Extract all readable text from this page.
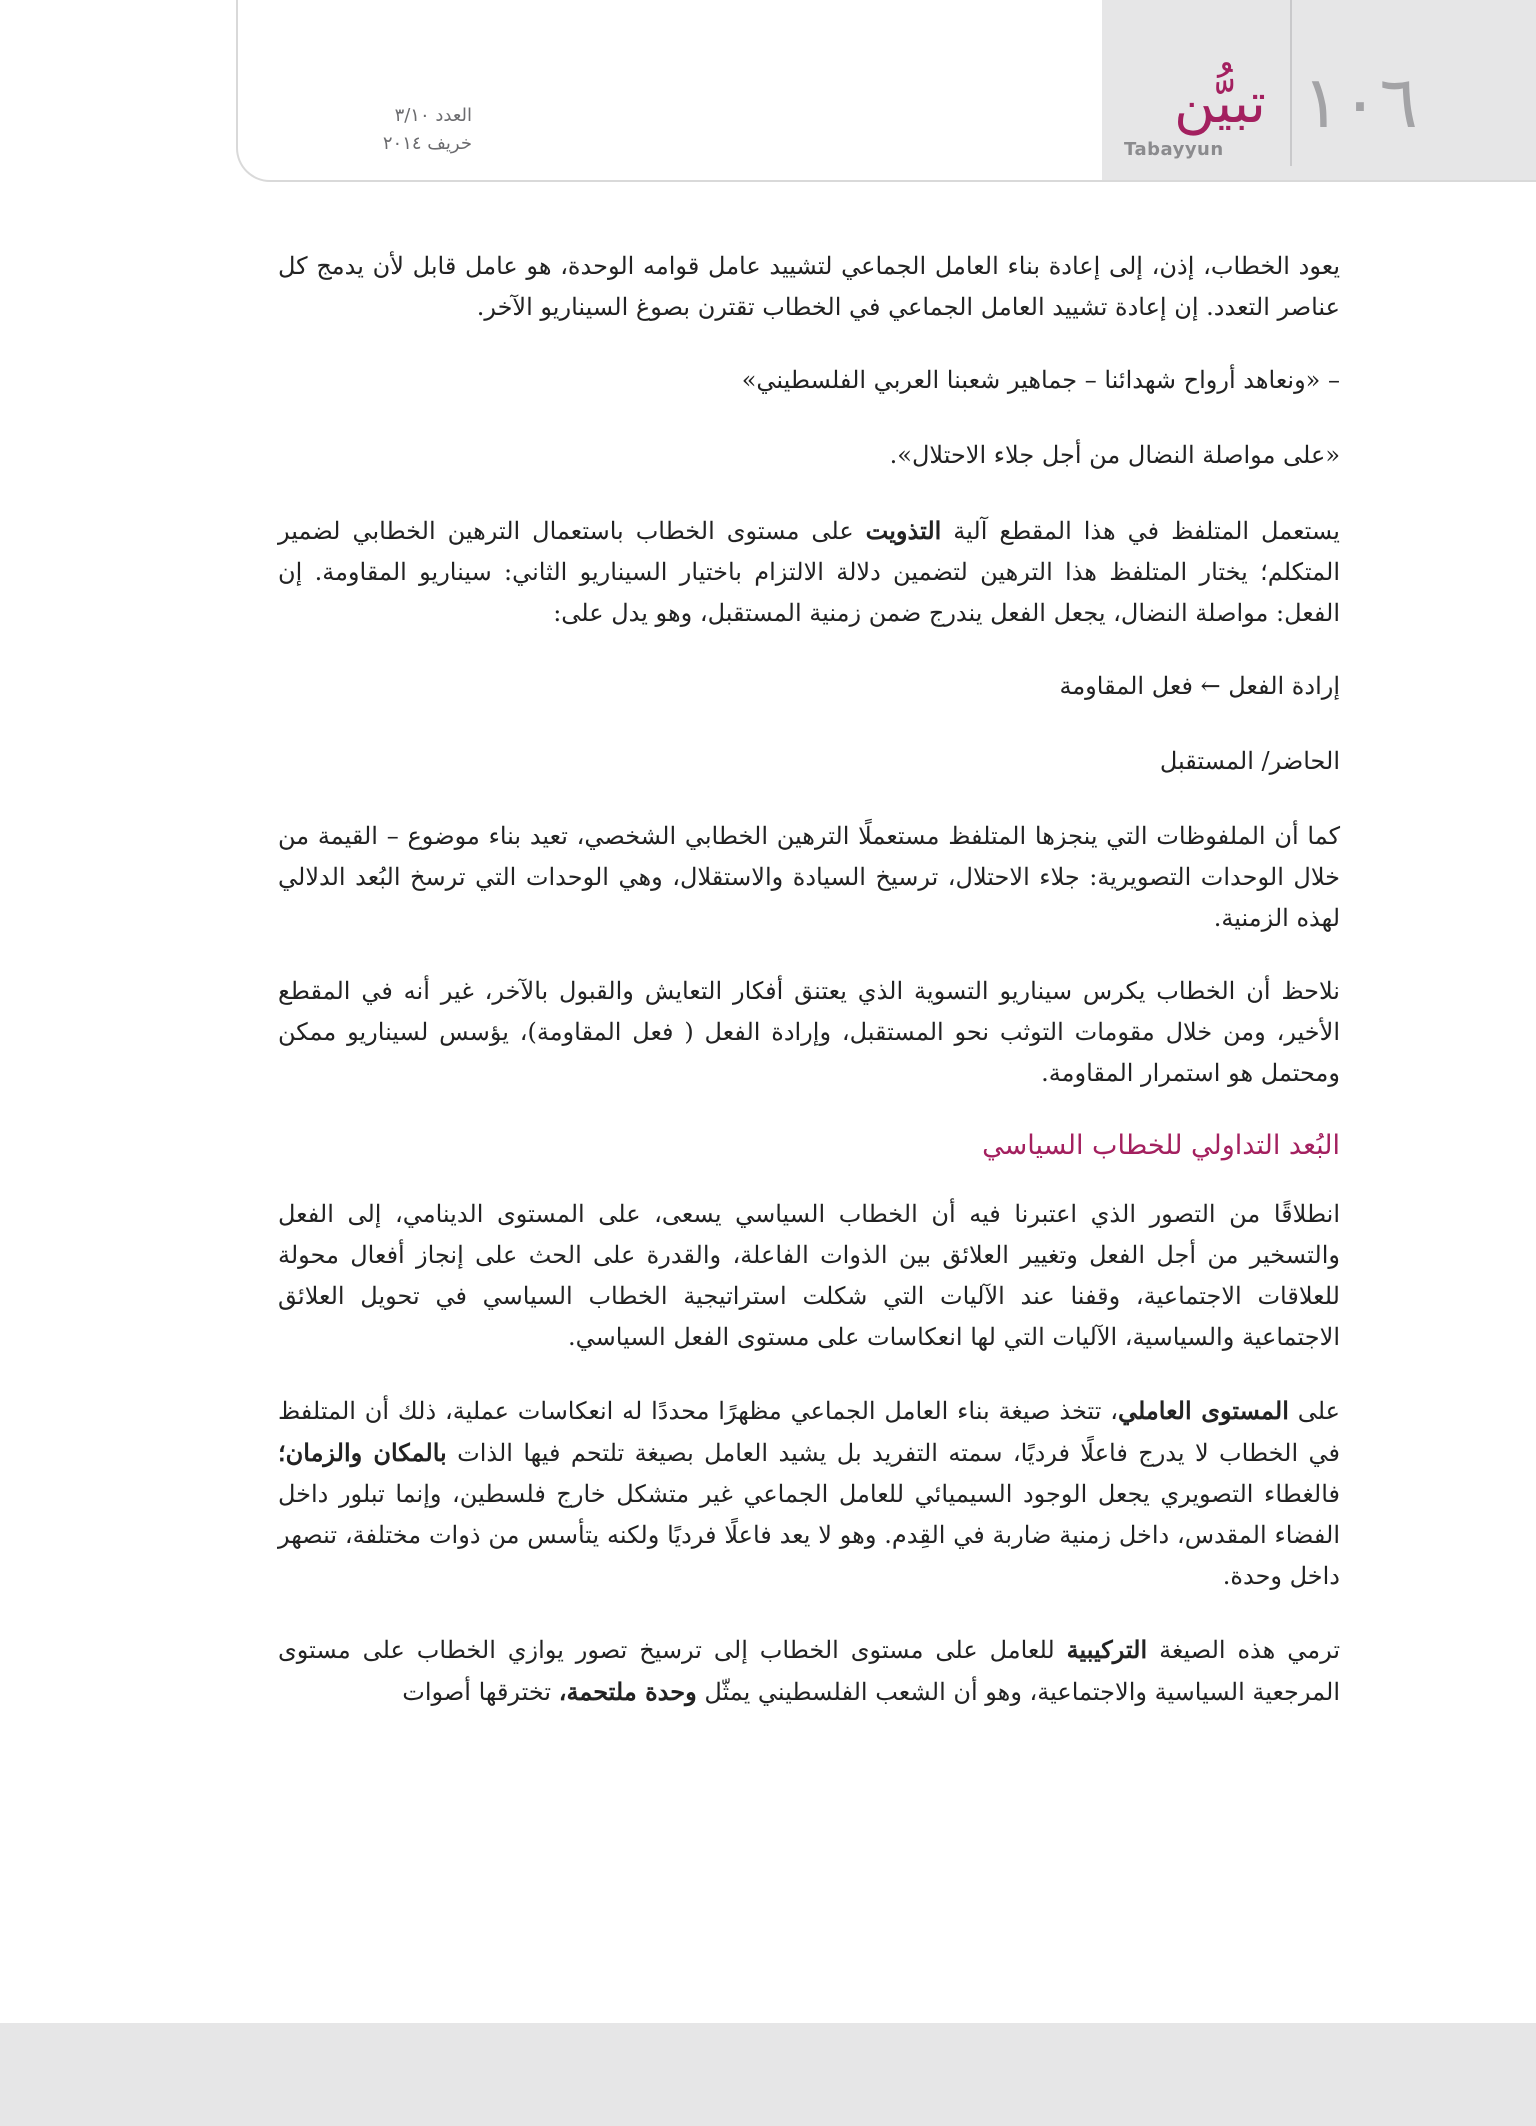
١٠٦
تبيُّن
Tabayyun
العدد ٣/١٠
خريف ٢٠١٤

يعود الخطاب، إذن، إلى إعادة بناء العامل الجماعي لتشييد عامل قوامه الوحدة، هو عامل قابل لأن يدمج كل عناصر التعدد. إن إعادة تشييد العامل الجماعي في الخطاب تقترن بصوغ السيناريو الآخر.

– «ونعاهد أرواح شهدائنا – جماهير شعبنا العربي الفلسطيني»

«على مواصلة النضال من أجل جلاء الاحتلال».

يستعمل المتلفظ في هذا المقطع آلية التذويت على مستوى الخطاب باستعمال الترهين الخطابي لضمير المتكلم؛ يختار المتلفظ هذا الترهين لتضمين دلالة الالتزام باختيار السيناريو الثاني: سيناريو المقاومة. إن الفعل: مواصلة النضال، يجعل الفعل يندرج ضمن زمنية المستقبل، وهو يدل على:

إرادة الفعل ← فعل المقاومة

الحاضر/ المستقبل

كما أن الملفوظات التي ينجزها المتلفظ مستعملًا الترهين الخطابي الشخصي، تعيد بناء موضوع – القيمة من خلال الوحدات التصويرية: جلاء الاحتلال، ترسيخ السيادة والاستقلال، وهي الوحدات التي ترسخ البُعد الدلالي لهذه الزمنية.

نلاحظ أن الخطاب يكرس سيناريو التسوية الذي يعتنق أفكار التعايش والقبول بالآخر، غير أنه في المقطع الأخير، ومن خلال مقومات التوثب نحو المستقبل، وإرادة الفعل ( فعل المقاومة)، يؤسس لسيناريو ممكن ومحتمل هو استمرار المقاومة.

البُعد التداولي للخطاب السياسي

انطلاقًا من التصور الذي اعتبرنا فيه أن الخطاب السياسي يسعى، على المستوى الدينامي، إلى الفعل والتسخير من أجل الفعل وتغيير العلائق بين الذوات الفاعلة، والقدرة على الحث على إنجاز أفعال محولة للعلاقات الاجتماعية، وقفنا عند الآليات التي شكلت استراتيجية الخطاب السياسي في تحويل العلائق الاجتماعية والسياسية، الآليات التي لها انعكاسات على مستوى الفعل السياسي.

على المستوى العاملي، تتخذ صيغة بناء العامل الجماعي مظهرًا محددًا له انعكاسات عملية، ذلك أن المتلفظ في الخطاب لا يدرج فاعلًا فرديًا، سمته التفريد بل يشيد العامل بصيغة تلتحم فيها الذات بالمكان والزمان؛ فالغطاء التصويري يجعل الوجود السيميائي للعامل الجماعي غير متشكل خارج فلسطين، وإنما تبلور داخل الفضاء المقدس، داخل زمنية ضاربة في القِدم. وهو لا يعد فاعلًا فرديًا ولكنه يتأسس من ذوات مختلفة، تنصهر داخل وحدة.

ترمي هذه الصيغة التركيبية للعامل على مستوى الخطاب إلى ترسيخ تصور يوازي الخطاب على مستوى المرجعية السياسية والاجتماعية، وهو أن الشعب الفلسطيني يمثّل وحدة ملتحمة، تخترقها أصوات
